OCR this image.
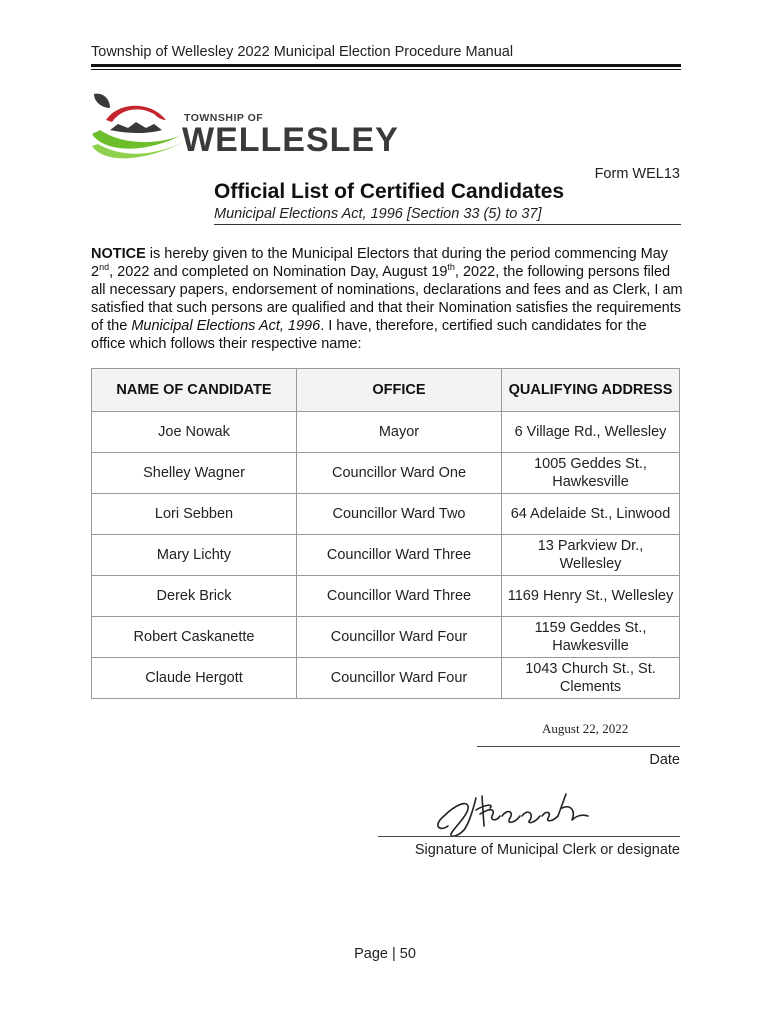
Township of Wellesley 2022 Municipal Election Procedure Manual
TOWNSHIP OF
WELLESLEY
Form WEL13
Official List of Certified Candidates
Municipal Elections Act, 1996 [Section 33 (5) to 37]
NOTICE is hereby given to the Municipal Electors that during the period commencing May 2nd, 2022 and completed on Nomination Day, August 19th, 2022, the following persons filed all necessary papers, endorsement of nominations, declarations and fees and as Clerk, I am satisfied that such persons are qualified and that their Nomination satisfies the requirements of the Municipal Elections Act, 1996. I have, therefore, certified such candidates for the office which follows their respective name:
NAME OF CANDIDATE	OFFICE	QUALIFYING ADDRESS
Joe Nowak	Mayor	6 Village Rd., Wellesley
Shelley Wagner	Councillor Ward One	1005 Geddes St., Hawkesville
Lori Sebben	Councillor Ward Two	64 Adelaide St., Linwood
Mary Lichty	Councillor Ward Three	13 Parkview Dr., Wellesley
Derek Brick	Councillor Ward Three	1169 Henry St., Wellesley
Robert Caskanette	Councillor Ward Four	1159 Geddes St., Hawkesville
Claude Hergott	Councillor Ward Four	1043 Church St., St. Clements
August 22, 2022
Date
Signature of Municipal Clerk or designate
Page | 50
